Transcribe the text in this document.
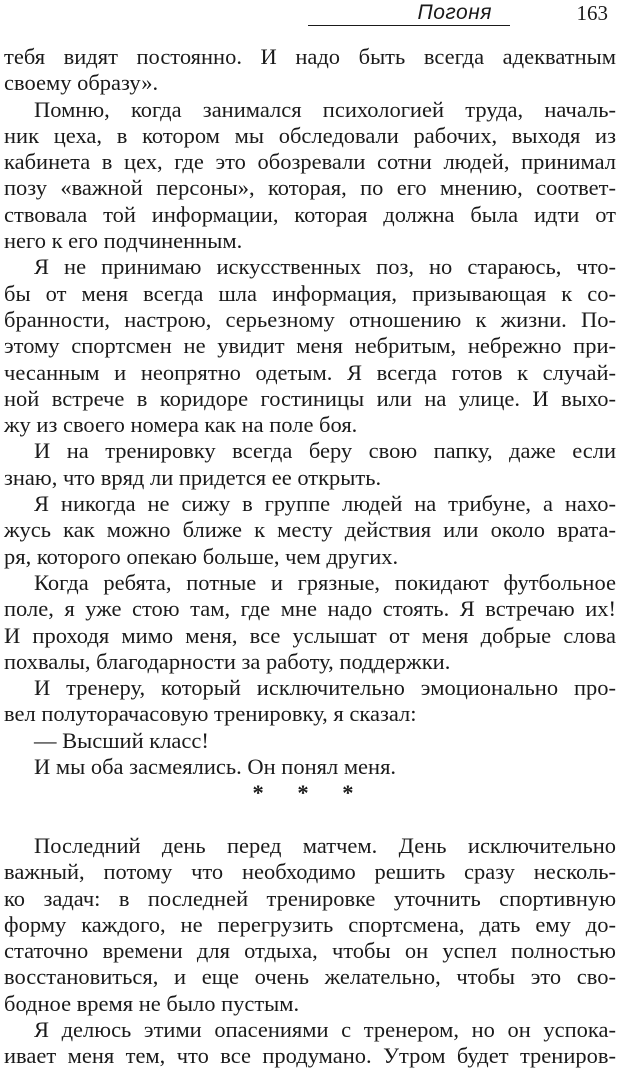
Погоня	163
тебя видят постоянно. И надо быть всегда адекватным
своему образу».
Помню, когда занимался психологией труда, началь-
ник цеха, в котором мы обследовали рабочих, выходя из
кабинета в цех, где это обозревали сотни людей, принимал
позу «важной персоны», которая, по его мнению, соответ-
ствовала той информации, которая должна была идти от
него к его подчиненным.
Я не принимаю искусственных поз, но стараюсь, что-
бы от меня всегда шла информация, призывающая к со-
бранности, настрою, серьезному отношению к жизни. По-
этому спортсмен не увидит меня небритым, небрежно при-
чесанным и неопрятно одетым. Я всегда готов к случай-
ной встрече в коридоре гостиницы или на улице. И выхо-
жу из своего номера как на поле боя.
И на тренировку всегда беру свою папку, даже если
знаю, что вряд ли придется ее открыть.
Я никогда не сижу в группе людей на трибуне, а нахо-
жусь как можно ближе к месту действия или около врата-
ря, которого опекаю больше, чем других.
Когда ребята, потные и грязные, покидают футбольное
поле, я уже стою там, где мне надо стоять. Я встречаю их!
И проходя мимо меня, все услышат от меня добрые слова
похвалы, благодарности за работу, поддержки.
И тренеру, который исключительно эмоционально про-
вел полуторачасовую тренировку, я сказал:
— Высший класс!
И мы оба засмеялись. Он понял меня.
* * *
Последний день перед матчем. День исключительно
важный, потому что необходимо решить сразу несколь-
ко задач: в последней тренировке уточнить спортивную
форму каждого, не перегрузить спортсмена, дать ему до-
статочно времени для отдыха, чтобы он успел полностью
восстановиться, и еще очень желательно, чтобы это сво-
бодное время не было пустым.
Я делюсь этими опасениями с тренером, но он успока-
ивает меня тем, что все продумано. Утром будет трениров-
